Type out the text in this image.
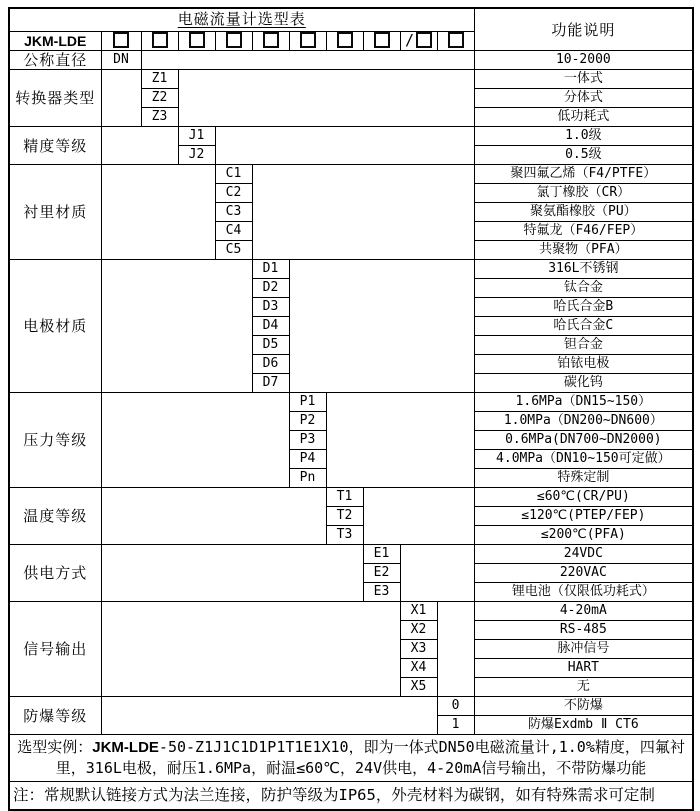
电磁流量计选型表											功能说明
JKM-LDE									/		
公称直径	DN										10-2000
转换器类型		Z1									一体式
		Z2									分体式
		Z3									低功耗式
精度等级			J1								1.0级
			J2								0.5级
衬里材质				C1							聚四氟乙烯（F4/PTFE）
				C2							氯丁橡胶（CR）
				C3							聚氨酯橡胶（PU）
				C4							特氟龙（F46/FEP）
				C5							共聚物（PFA）
电极材质					D1						316L不锈钢
					D2						钛合金
					D3						哈氏合金B
					D4						哈氏合金C
					D5						钽合金
					D6						铂铱电极
					D7						碳化钨
压力等级						P1					1.6MPa（DN15~150）
						P2					1.0MPa（DN200~DN600）
						P3					0.6MPa(DN700~DN2000)
						P4					4.0MPa（DN10~150可定做）
						Pn					特殊定制
温度等级							T1				≤60℃(CR/PU)
							T2				≤120℃(PTEP/FEP)
							T3				≤200℃(PFA)
供电方式								E1			24VDC
								E2			220VAC
								E3			锂电池（仅限低功耗式）
信号输出									X1		4-20mA
									X2		RS-485
									X3		脉冲信号
									X4		HART
									X5		无
防爆等级										0	不防爆
										1	防爆Exdmb Ⅱ CT6
选型实例：JKM-LDE-50-Z1J1C1D1P1T1E1X10，即为一体式DN50电磁流量计,1.0%精度，四氟衬里，316L电极，耐压1.6MPa，耐温≤60℃，24V供电，4-20mA信号输出，不带防爆功能											
注：常规默认链接方式为法兰连接，防护等级为IP65，外壳材料为碳钢，如有特殊需求可定制											
